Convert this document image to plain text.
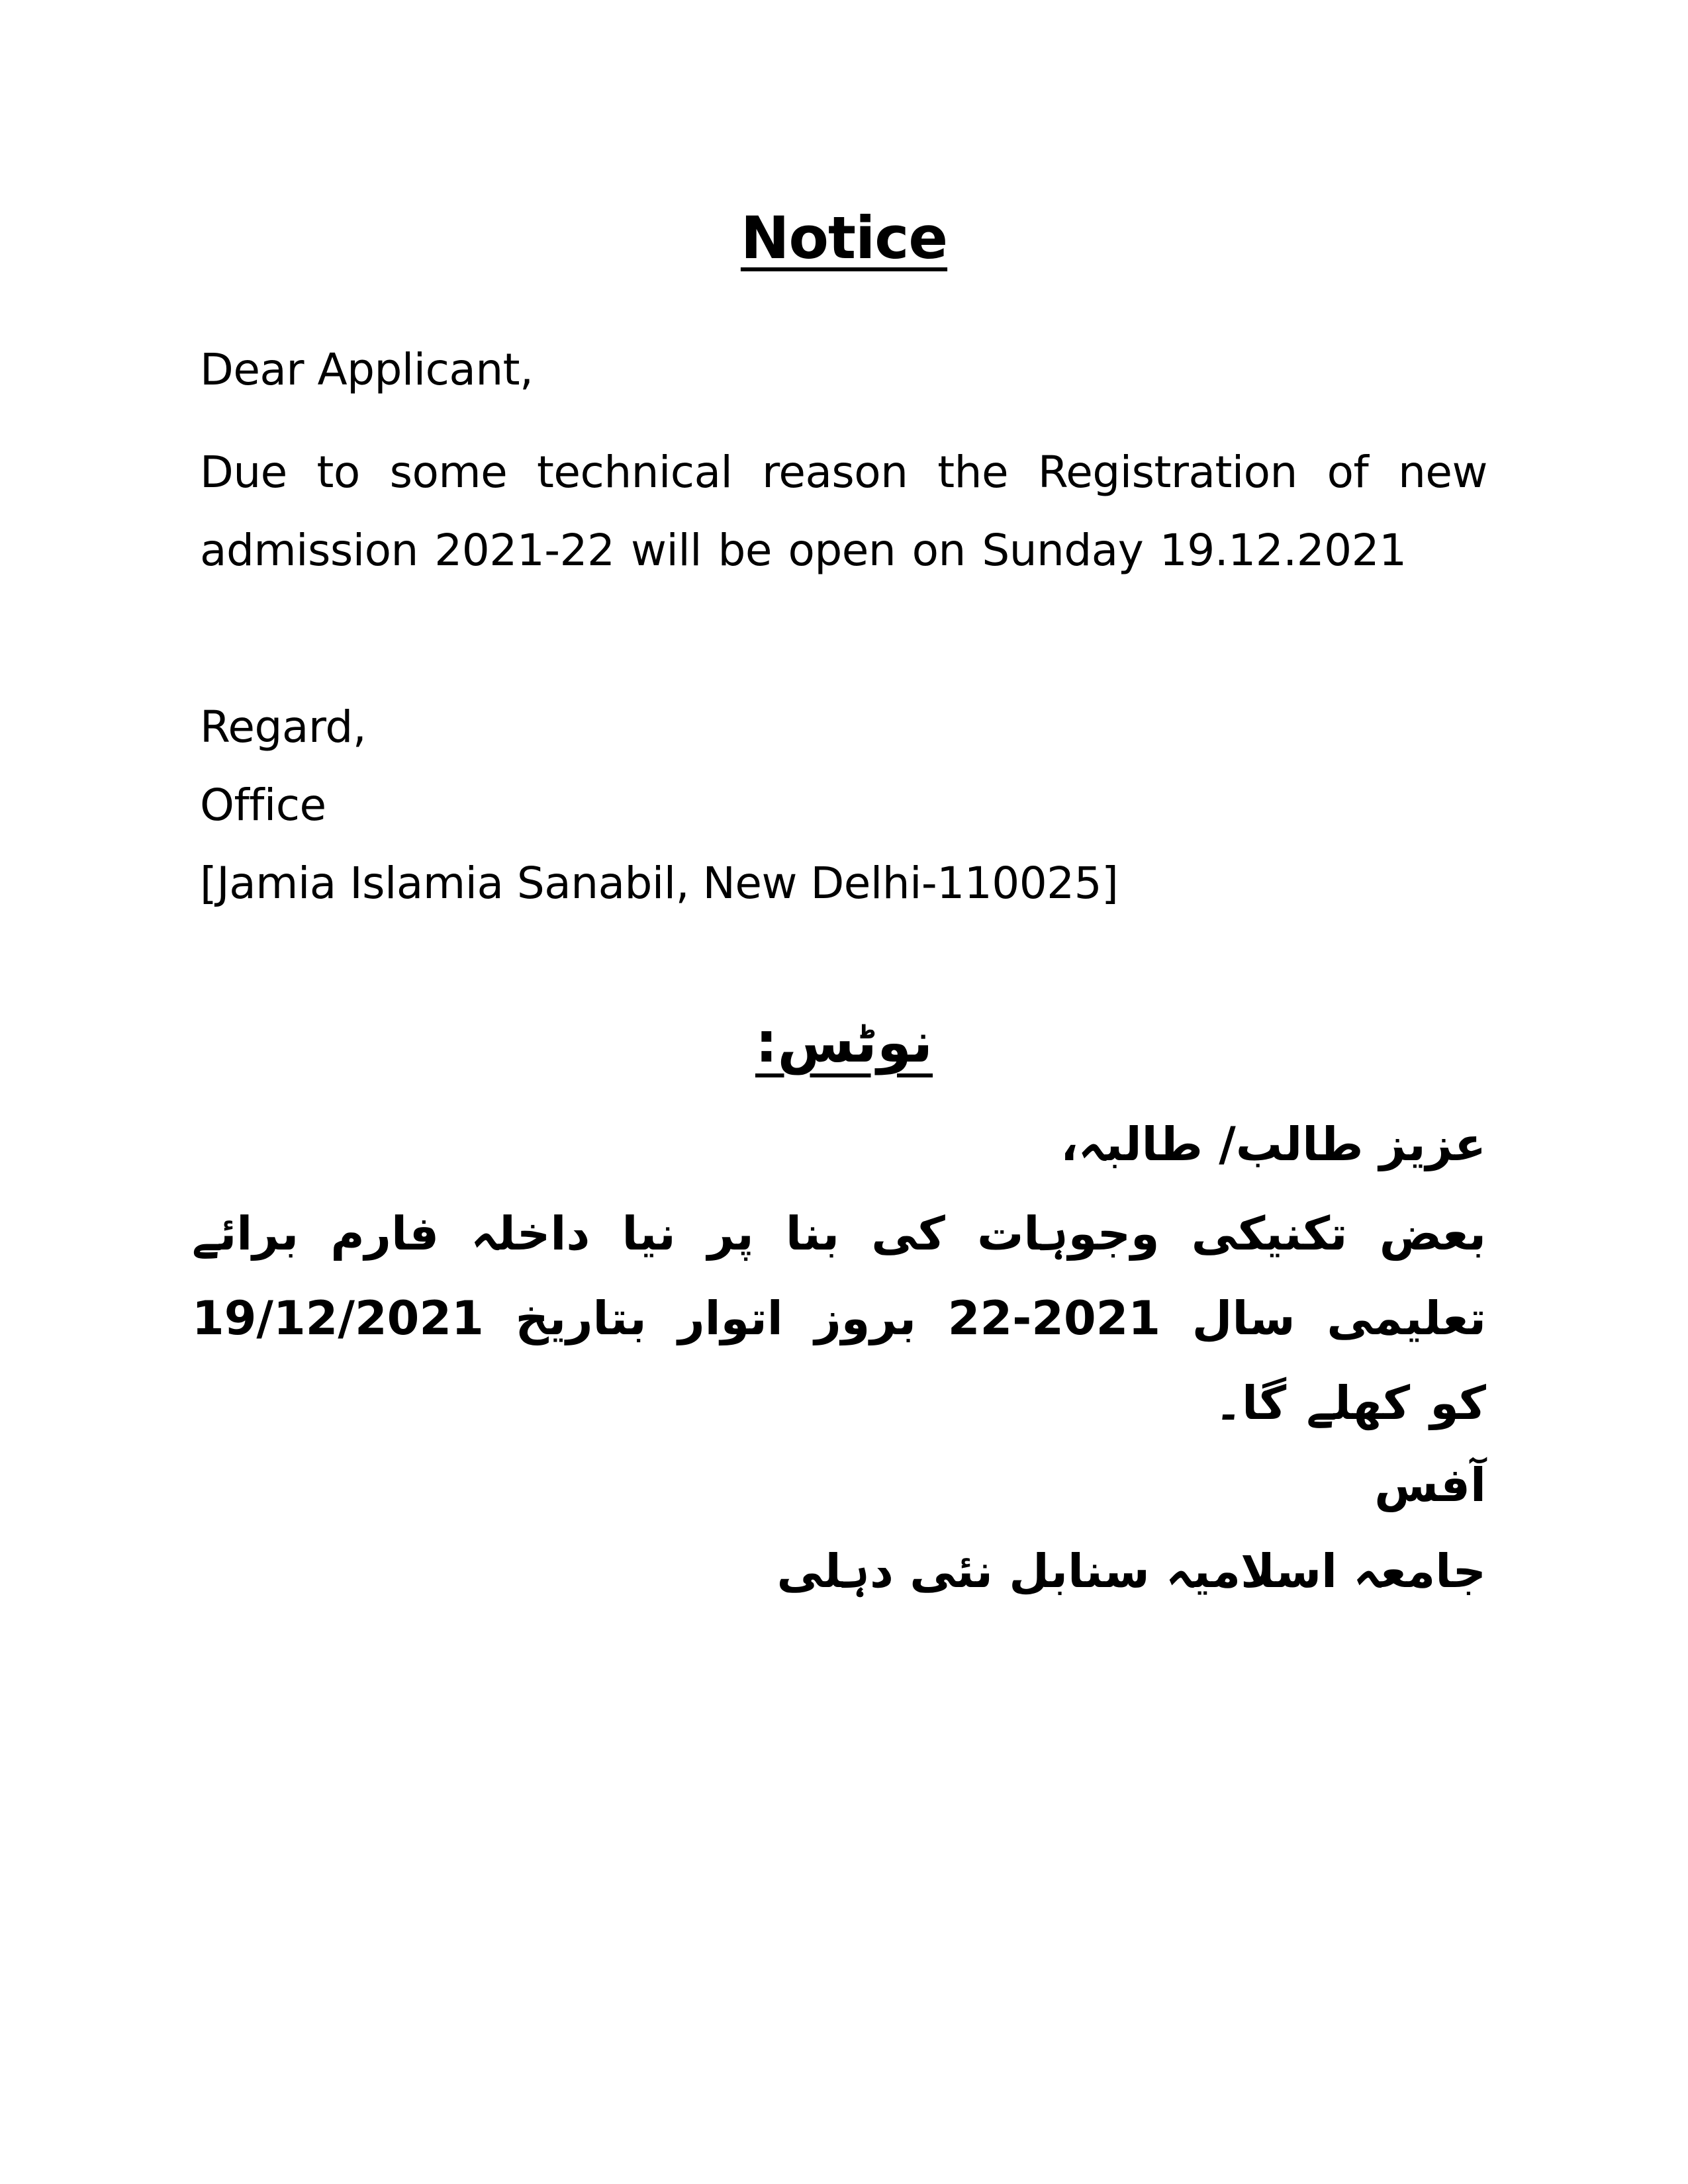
Notice
Dear Applicant,
Due to some technical reason the Registration of new admission 2021-22 will be open on Sunday 19.12.2021
Regard,
Office
[Jamia Islamia Sanabil, New Delhi-110025]
نوٹس:
عزیز طالب/ طالبہ،
بعض تکنیکی وجوہات کی بنا پر نیا داخلہ فارم برائے تعلیمی سال 2021-22 بروز اتوار بتاریخ 19/12/2021 کو کھلے گا۔
آفس
جامعہ اسلامیہ سنابل نئی دہلی
